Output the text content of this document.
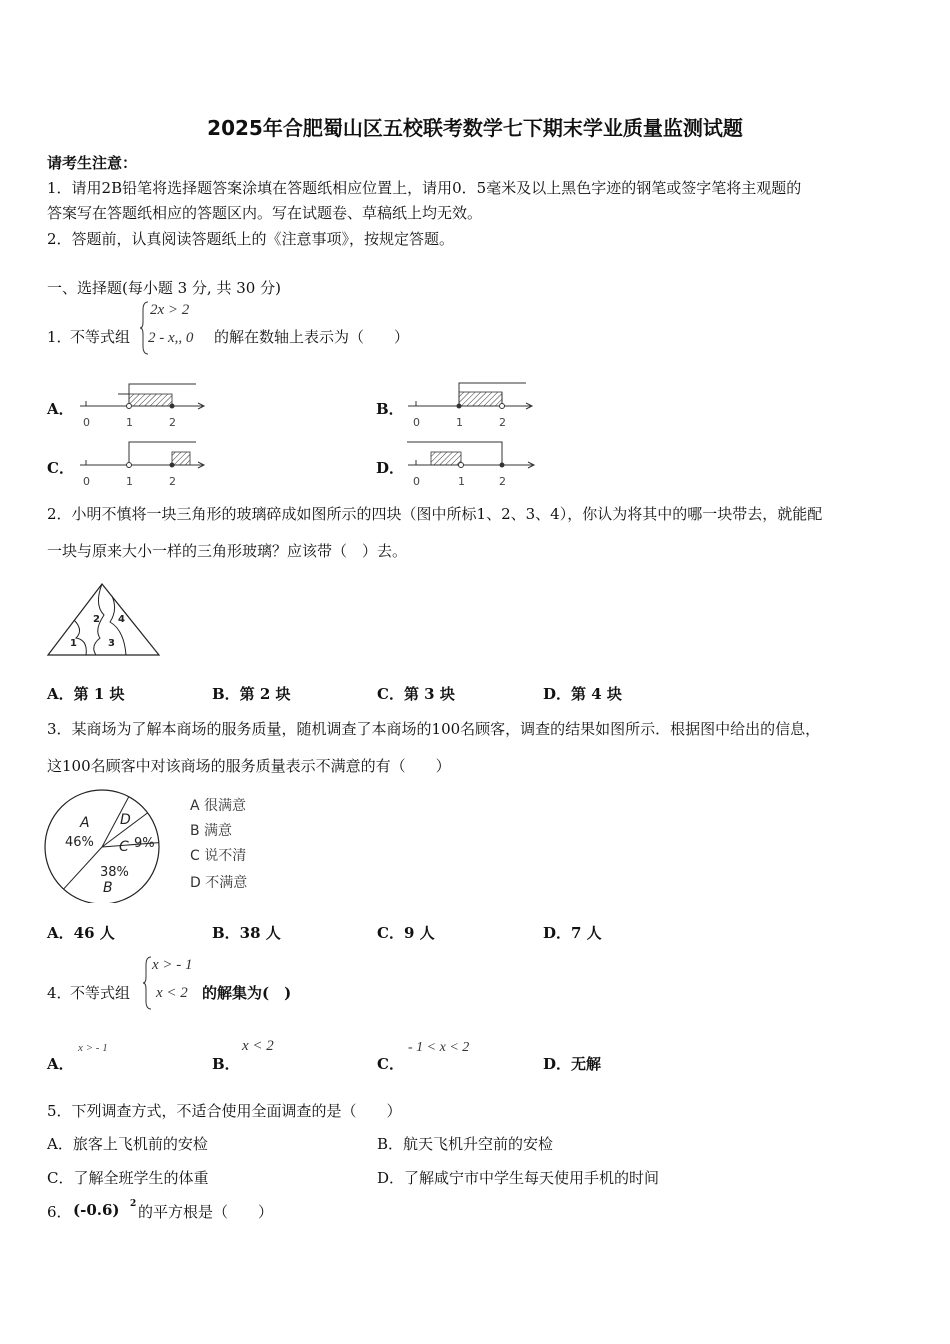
2025年合肥蜀山区五校联考数学七下期末学业质量监测试题
请考生注意：
1．请用2B铅笔将选择题答案涂填在答题纸相应位置上，请用0．5毫米及以上黑色字迹的钢笔或签字笔将主观题的
答案写在答题纸相应的答题区内。写在试题卷、草稿纸上均无效。
2．答题前，认真阅读答题纸上的《注意事项》，按规定答题。
一、选择题(每小题 3 分, 共 30 分)
1．
不等式组
2x > 2
2 - x,, 0 的解在数轴上表示为（　　）
A．
0	1	2
B．
0	1	2
C．
0	1	2
D．
0	1	2
2．小明不慎将一块三角形的玻璃碎成如图所示的四块（图中所标1、2、3、4），你认为将其中的哪一块带去，就能配
一块与原来大小一样的三角形玻璃？应该带（　）去。
1
2
3
4
A．第 1 块	B．第 2 块	C．第 3 块	D．第 4 块
3．某商场为了解本商场的服务质量，随机调查了本商场的100名顾客，调查的结果如图所示．根据图中给出的信息，
这100名顾客中对该商场的服务质量表示不满意的有（　　）
A
46%
38%
B
C 9%
D
A 很满意
B 满意
C 说不清
D 不满意
A．46 人	B．38 人	C．9 人	D．7 人
4．
不等式组
x > - 1
x < 2 的解集为(　)
A．
x > - 1
B．
x < 2
C．
- 1 < x < 2
D．无解
5．下列调查方式，不适合使用全面调查的是（　　）
A．旅客上飞机前的安检	B．航天飞机升空前的安检
C．了解全班学生的体重	D．了解咸宁市中学生每天使用手机的时间
6． (-0.6) 2 的平方根是（　　）
